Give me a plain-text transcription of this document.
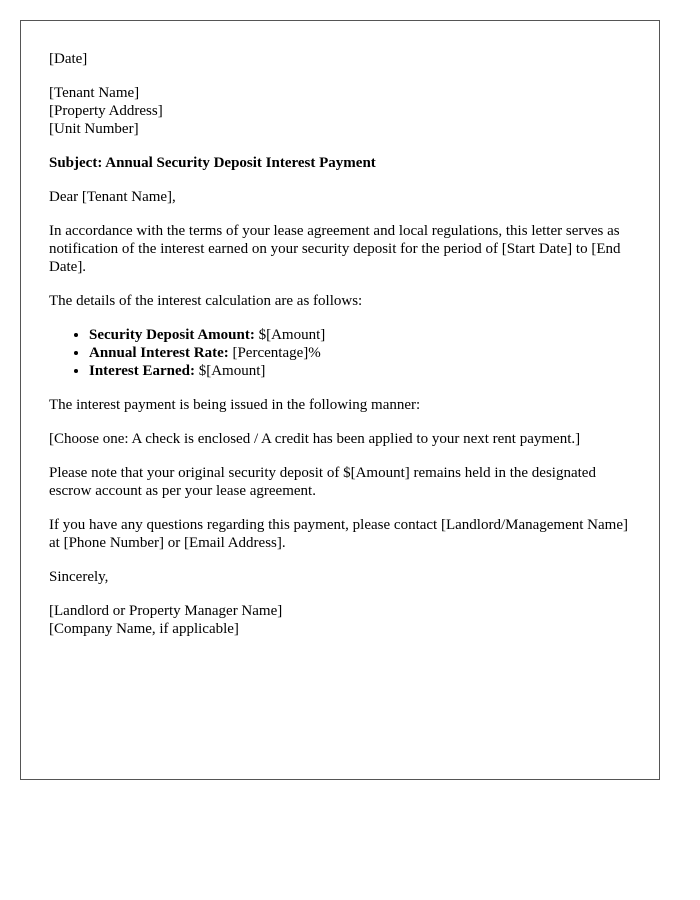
[Date]
[Tenant Name]
[Property Address]
[Unit Number]
Subject: Annual Security Deposit Interest Payment

Dear [Tenant Name],

In accordance with the terms of your lease agreement and local regulations, this letter serves as notification of the interest earned on your security deposit for the period of [Start Date] to [End Date].

The details of the interest calculation are as follows:

• Security Deposit Amount: $[Amount]
• Annual Interest Rate: [Percentage]%
• Interest Earned: $[Amount]

The interest payment is being issued in the following manner:

[Choose one: A check is enclosed / A credit has been applied to your next rent payment.]

Please note that your original security deposit of $[Amount] remains held in the designated escrow account as per your lease agreement.

If you have any questions regarding this payment, please contact [Landlord/Management Name] at [Phone Number] or [Email Address].

Sincerely,

[Landlord or Property Manager Name]
[Company Name, if applicable]
